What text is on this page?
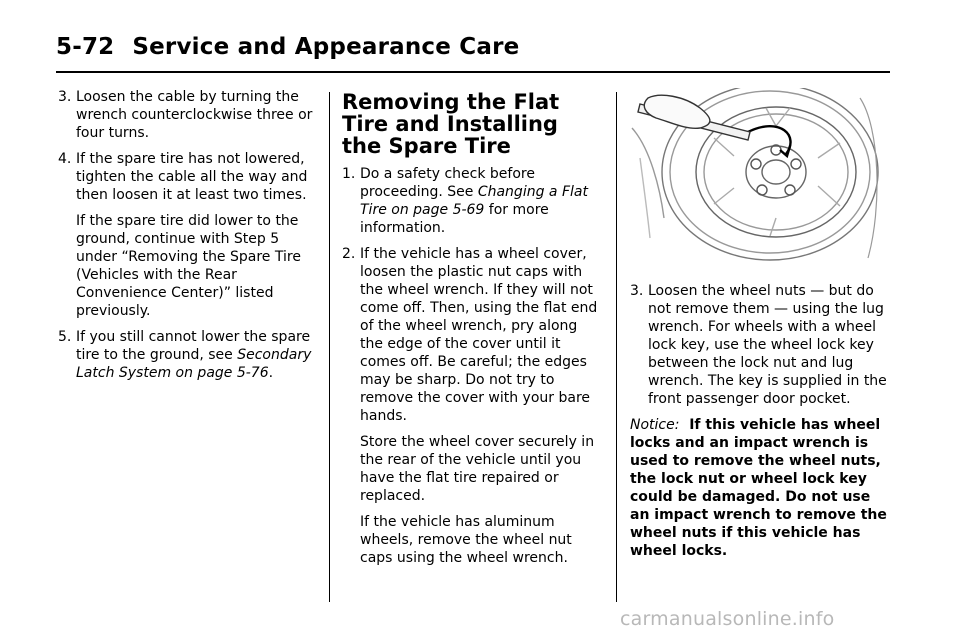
5-72 Service and Appearance Care

3. Loosen the cable by turning the wrench counterclockwise three or four turns.

4. If the spare tire has not lowered, tighten the cable all the way and then loosen it at least two times.

If the spare tire did lower to the ground, continue with Step 5 under “Removing the Spare Tire (Vehicles with the Rear Convenience Center)” listed previously.

5. If you still cannot lower the spare tire to the ground, see Secondary Latch System on page 5-76.

Removing the Flat Tire and Installing the Spare Tire

1. Do a safety check before proceeding. See Changing a Flat Tire on page 5-69 for more information.

2. If the vehicle has a wheel cover, loosen the plastic nut caps with the wheel wrench. If they will not come off. Then, using the flat end of the wheel wrench, pry along the edge of the cover until it comes off. Be careful; the edges may be sharp. Do not try to remove the cover with your bare hands.

Store the wheel cover securely in the rear of the vehicle until you have the flat tire repaired or replaced.

If the vehicle has aluminum wheels, remove the wheel nut caps using the wheel wrench.

3. Loosen the wheel nuts — but do not remove them — using the lug wrench. For wheels with a wheel lock key, use the wheel lock key between the lock nut and lug wrench. The key is supplied in the front passenger door pocket.

Notice: If this vehicle has wheel locks and an impact wrench is used to remove the wheel nuts, the lock nut or wheel lock key could be damaged. Do not use an impact wrench to remove the wheel nuts if this vehicle has wheel locks.

carmanualsonline.info
